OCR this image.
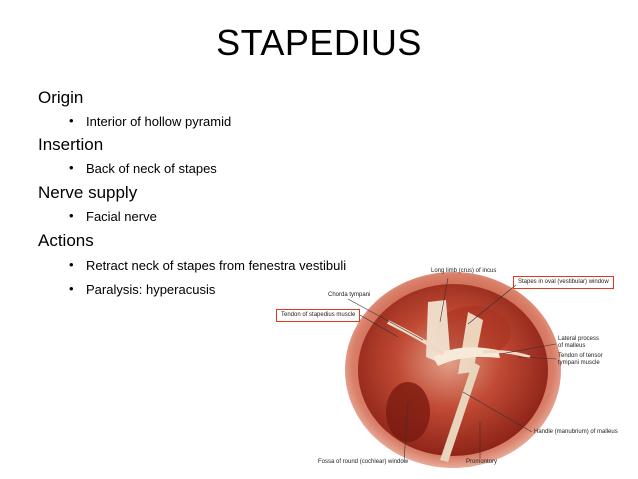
STAPEDIUS
Origin
• Interior of hollow pyramid
Insertion
• Back of neck of stapes
Nerve supply
• Facial nerve
Actions
• Retract neck of stapes from fenestra vestibuli
• Paralysis: hyperacusis
Long limb (crus) of incus
Stapes in oval (vestibular) window
Chorda tympani
Tendon of stapedius muscle
Lateral process
of malleus
Tendon of tensor
tympani muscle
Handle (manubrium) of malleus
Fossa of round (cochlear) window	Promontory
